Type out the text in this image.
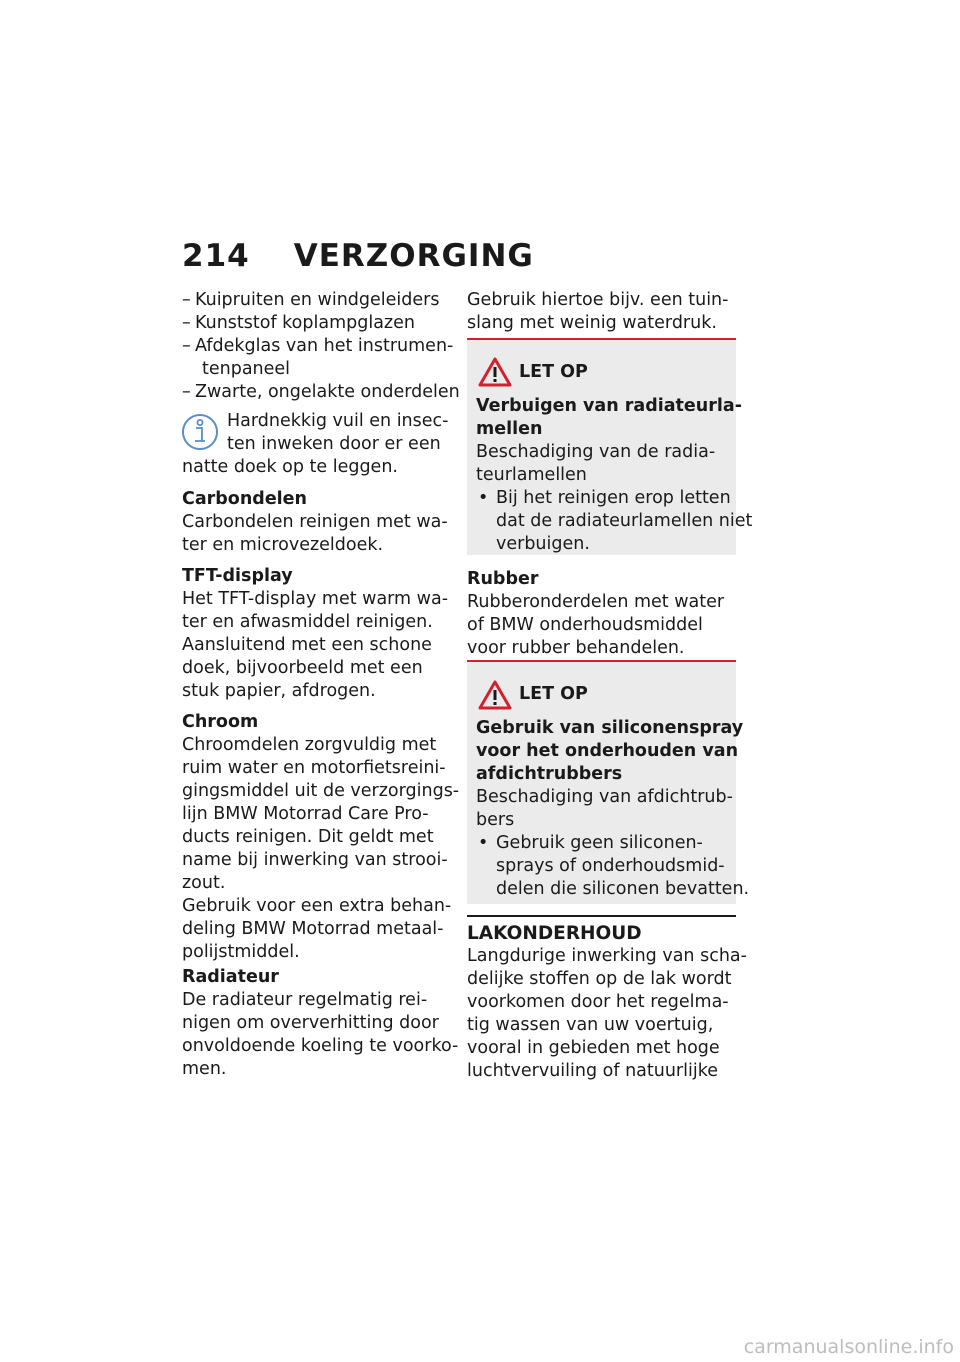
214 VERZORGING
– Kuipruiten en windgeleiders

– Kunststof koplampglazen

– Afdekglas van het instrumen-

tenpaneel

– Zwarte, ongelakte onderdelen

Hardnekkig vuil en insec-

ten inweken door er een

natte doek op te leggen.

Carbondelen

Carbondelen reinigen met wa-

ter en microvezeldoek.

TFT-display

Het TFT-display met warm wa-

ter en afwasmiddel reinigen.

Aansluitend met een schone

doek, bijvoorbeeld met een

stuk papier, afdrogen.

Chroom

Chroomdelen zorgvuldig met

ruim water en motorfietsreini-

gingsmiddel uit de verzorgings-

lijn BMW Motorrad Care Pro-

ducts reinigen. Dit geldt met

name bij inwerking van strooi-

zout.

Gebruik voor een extra behan-

deling BMW Motorrad metaal-

polijstmiddel.

Radiateur

De radiateur regelmatig rei-

nigen om oververhitting door

onvoldoende koeling te voorko-

men.

Gebruik hiertoe bijv. een tuin-

slang met weinig waterdruk.

LET OP

Verbuigen van radiateurla-

mellen

Beschadiging van de radia-

teurlamellen

• Bij het reinigen erop letten

dat de radiateurlamellen niet

verbuigen.

Rubber

Rubberonderdelen met water

of BMW onderhoudsmiddel

voor rubber behandelen.

LET OP

Gebruik van siliconenspray

voor het onderhouden van

afdichtrubbers

Beschadiging van afdichtrub-

bers

• Gebruik geen siliconen-

sprays of onderhoudsmid-

delen die siliconen bevatten.

LAKONDERHOUD

Langdurige inwerking van scha-

delijke stoffen op de lak wordt

voorkomen door het regelma-

tig wassen van uw voertuig,

vooral in gebieden met hoge

luchtvervuiling of natuurlijke

carmanualsonline.info
